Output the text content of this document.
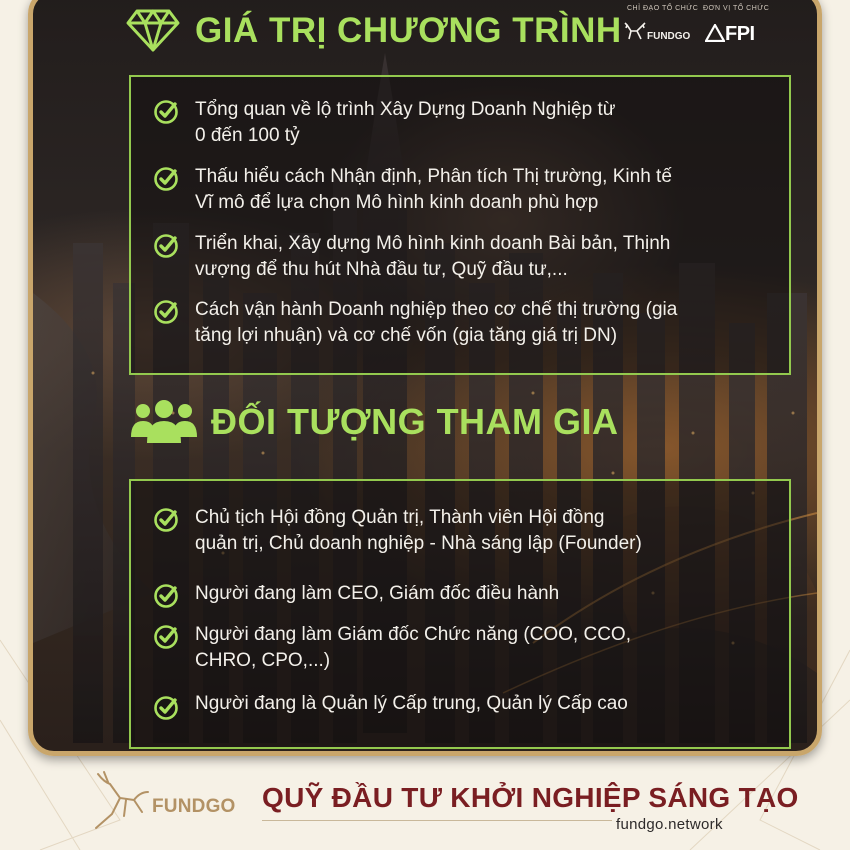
CHỈ ĐẠO TỔ CHỨC ĐƠN VỊ TỔ CHỨC
FUNDGO FPI
GIÁ TRỊ CHƯƠNG TRÌNH
Tổng quan về lộ trình Xây Dựng Doanh Nghiệp từ
0 đến 100 tỷ
Thấu hiểu cách Nhận định, Phân tích Thị trường, Kinh tế
Vĩ mô để lựa chọn Mô hình kinh doanh phù hợp
Triển khai, Xây dựng Mô hình kinh doanh Bài bản, Thịnh
vượng để thu hút Nhà đầu tư, Quỹ đầu tư,...
Cách vận hành Doanh nghiệp theo cơ chế thị trường (gia
tăng lợi nhuận) và cơ chế vốn (gia tăng giá trị DN)
ĐỐI TƯỢNG THAM GIA
Chủ tịch Hội đồng Quản trị, Thành viên Hội đồng
quản trị, Chủ doanh nghiệp - Nhà sáng lập (Founder)
Người đang làm CEO, Giám đốc điều hành
Người đang làm Giám đốc Chức năng (COO, CCO,
CHRO, CPO,...)
Người đang là Quản lý Cấp trung, Quản lý Cấp cao
FUNDGO QUỸ ĐẦU TƯ KHỞI NGHIỆP SÁNG TẠO
fundgo.network
